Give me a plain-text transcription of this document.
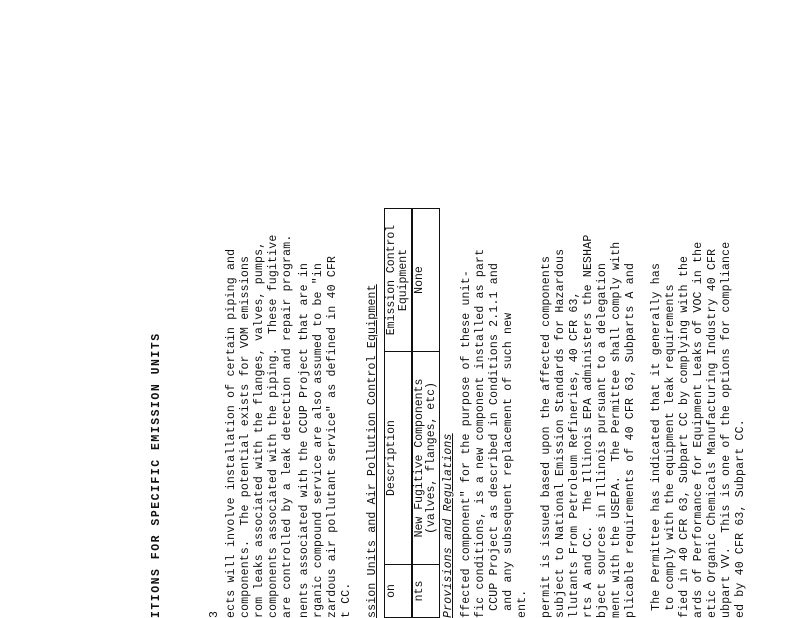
ITIONS FOR SPECIFIC EMISSION UNITS	3 ects will involve installation of certain piping and components.  The potential exists for VOM emissions rom leaks associated with the flanges, valves, pumps, components associated with the piping.  These fugitive are controlled by a leak detection and repair program. nents associated with the CCUP Project that are in rganic compound service are also assumed to be "in zardous air pollutant service" as defined in 40 CFR t CC. ssion Units and Air Pollution Control Equipment on	Description	Emission Control Equipment
nts	New Fugitive Components (valves, flanges, etc)	None
Provisions and Regulations ffected component" for the purpose of these unit- fic conditions, is a new component installed as part CCUP Project as described in Conditions 2.1.1 and and any subsequent replacement of such new ent. permit is issued based upon the affected components subject to National Emission Standards for Hazardous llutants From Petroleum Refineries, 40 CFR 63, rts A and CC.  The Illinois EPA administers the NESHAP bject sources in Illinois pursuant to a delegation ment with the USEPA.  The Permittee shall comply with plicable requirements of 40 CFR 63, Subparts A and The Permittee has indicated that it generally has to comply with the equipment leak requirements fied in 40 CFR 63, Subpart CC by complying with the ards of Performance for Equipment Leaks of VOC in the etic Organic Chemicals Manufacturing Industry 40 CFR ubpart VV.  This is one of the options for compliance ed by 40 CFR 63, Subpart CC.
